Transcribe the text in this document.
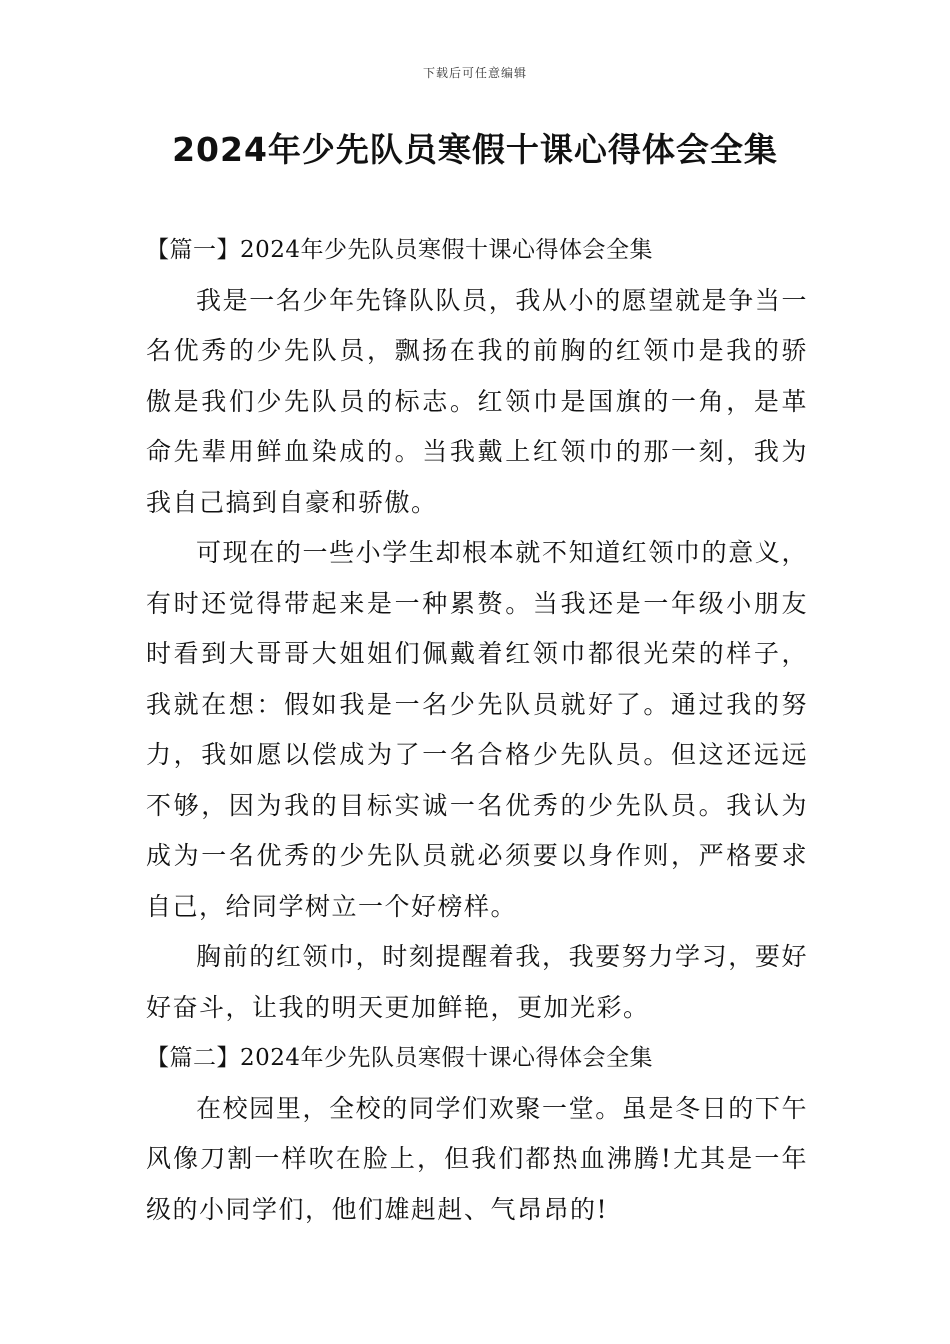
下载后可任意编辑
2024年少先队员寒假十课心得体会全集
【篇一】2024年少先队员寒假十课心得体会全集

我是一名少年先锋队队员，我从小的愿望就是争当一名优秀的少先队员，飘扬在我的前胸的红领巾是我的骄傲是我们少先队员的标志。红领巾是国旗的一角，是革命先辈用鲜血染成的。当我戴上红领巾的那一刻，我为我自己搞到自豪和骄傲。

可现在的一些小学生却根本就不知道红领巾的意义，有时还觉得带起来是一种累赘。当我还是一年级小朋友时看到大哥哥大姐姐们佩戴着红领巾都很光荣的样子，我就在想：假如我是一名少先队员就好了。通过我的努力，我如愿以偿成为了一名合格少先队员。但这还远远不够，因为我的目标实诚一名优秀的少先队员。我认为成为一名优秀的少先队员就必须要以身作则，严格要求自己，给同学树立一个好榜样。

胸前的红领巾，时刻提醒着我，我要努力学习，要好好奋斗，让我的明天更加鲜艳，更加光彩。

【篇二】2024年少先队员寒假十课心得体会全集

在校园里，全校的同学们欢聚一堂。虽是冬日的下午风像刀割一样吹在脸上，但我们都热血沸腾!尤其是一年级的小同学们，他们雄赳赳、气昂昂的!
